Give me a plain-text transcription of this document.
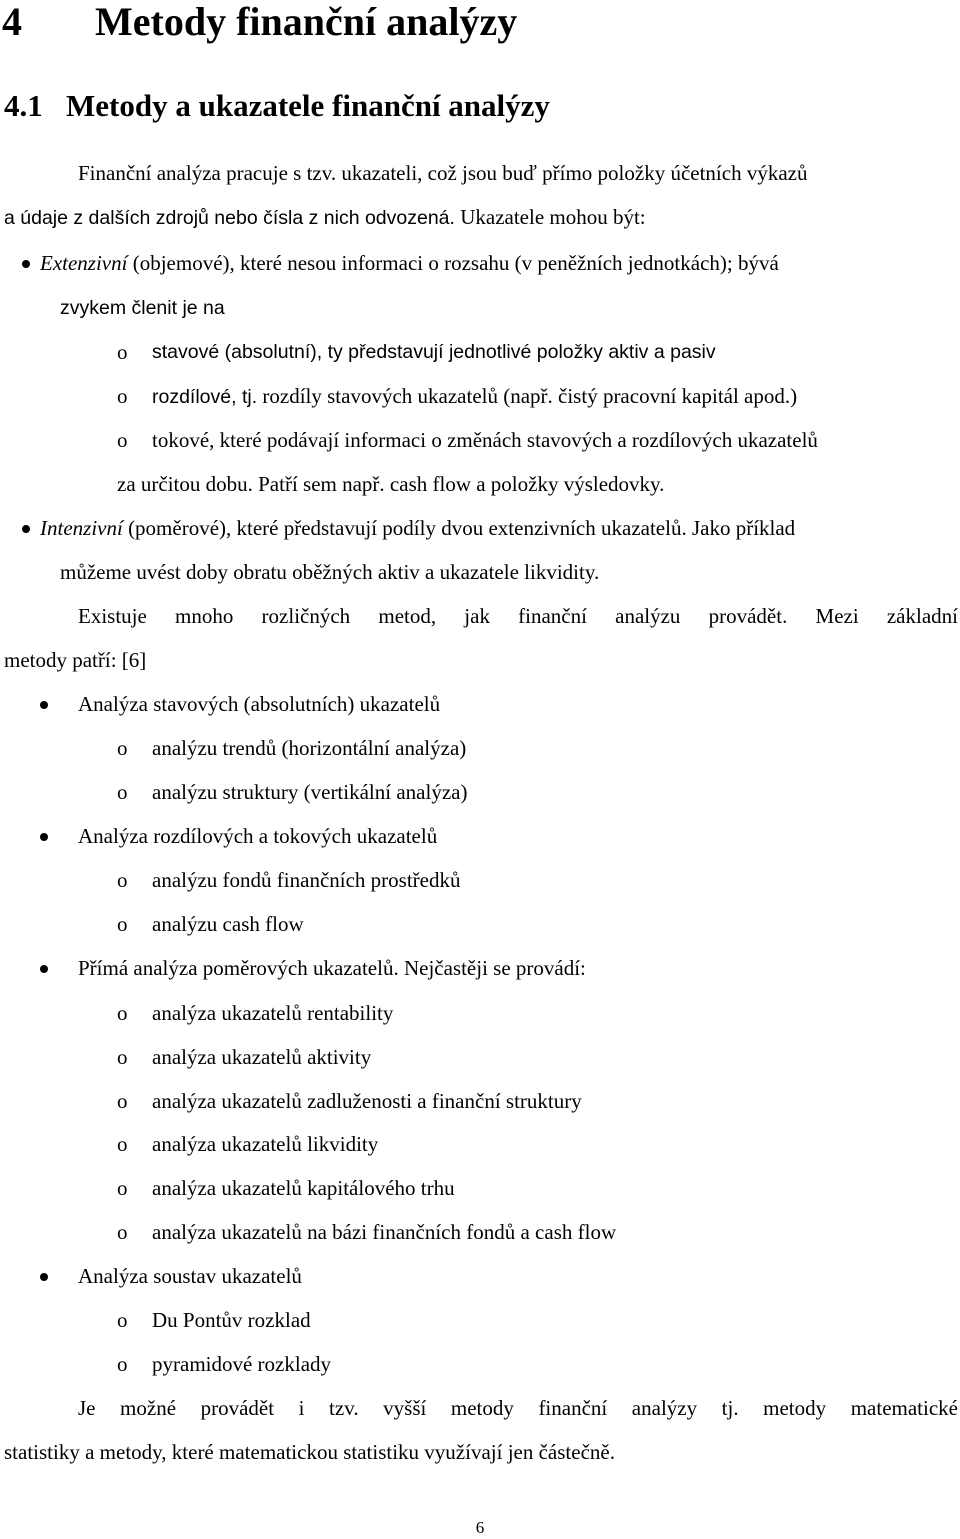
4 Metody finanční analýzy
4.1 Metody a ukazatele finanční analýzy
Finanční analýza pracuje s tzv. ukazateli, což jsou buď přímo položky účetních výkazů
a údaje z dalších zdrojů nebo čísla z nich odvozená. Ukazatele mohou být:
Extenzivní (objemové), které nesou informaci o rozsahu (v peněžních jednotkách); bývá
zvykem členit je na
o stavové (absolutní), ty představují jednotlivé položky aktiv a pasiv
o rozdílové, tj. rozdíly stavových ukazatelů (např. čistý pracovní kapitál apod.)
o tokové, které podávají informaci o změnách stavových a rozdílových ukazatelů
za určitou dobu. Patří sem např. cash flow a položky výsledovky.
Intenzivní (poměrové), které představují podíly dvou extenzivních ukazatelů. Jako příklad
můžeme uvést doby obratu oběžných aktiv a ukazatele likvidity.
Existuje mnoho rozličných metod, jak finanční analýzu provádět. Mezi základní
metody patří: [6]
Analýza stavových (absolutních) ukazatelů
o analýzu trendů (horizontální analýza)
o analýzu struktury (vertikální analýza)
Analýza rozdílových a tokových ukazatelů
o analýzu fondů finančních prostředků
o analýzu cash flow
Přímá analýza poměrových ukazatelů. Nejčastěji se provádí:
o analýza ukazatelů rentability
o analýza ukazatelů aktivity
o analýza ukazatelů zadluženosti a finanční struktury
o analýza ukazatelů likvidity
o analýza ukazatelů kapitálového trhu
o analýza ukazatelů na bázi finančních fondů a cash flow
Analýza soustav ukazatelů
o Du Pontův rozklad
o pyramidové rozklady
Je možné provádět i tzv. vyšší metody finanční analýzy tj. metody matematické
statistiky a metody, které matematickou statistiku využívají jen částečně.
6
